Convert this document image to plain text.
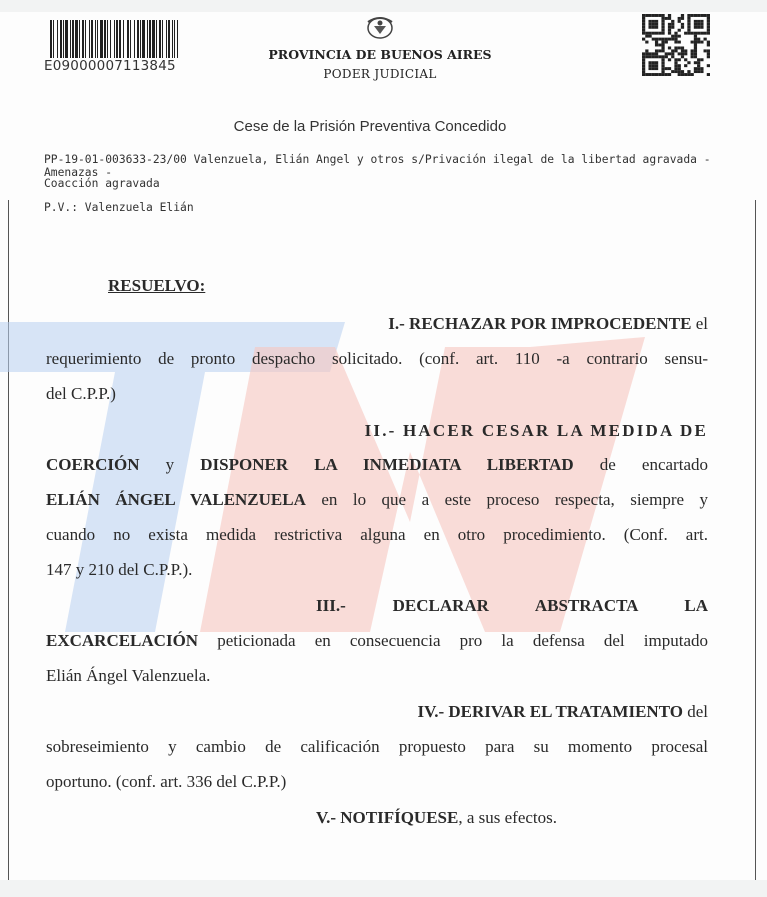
E09000007113845
PROVINCIA DE BUENOS AIRES
PODER JUDICIAL
Cese de la Prisión Preventiva Concedido
PP-19-01-003633-23/00 Valenzuela, Elián Angel y otros s/Privación ilegal de la libertad agravada - Amenazas -
Coacción agravada
P.V.: Valenzuela Elián
RESUELVO:
I.- RECHAZAR POR IMPROCEDENTE el
requerimiento de pronto despacho solicitado. (conf. art. 110 -a contrario sensu-
del C.P.P.)
II.- HACER CESAR LA MEDIDA DE
COERCIÓN y DISPONER LA INMEDIATA LIBERTAD de encartado
ELIÁN ÁNGEL VALENZUELA en lo que a este proceso respecta, siempre y
cuando no exista medida restrictiva alguna en otro procedimiento. (Conf. art.
147 y 210 del C.P.P.).
III.- DECLARAR ABSTRACTA LA
EXCARCELACIÓN peticionada en consecuencia pro la defensa del imputado
Elián Ángel Valenzuela.
IV.- DERIVAR EL TRATAMIENTO del
sobreseimiento y cambio de calificación propuesto para su momento procesal
oportuno. (conf. art. 336 del C.P.P.)
V.- NOTIFÍQUESE, a sus efectos.
